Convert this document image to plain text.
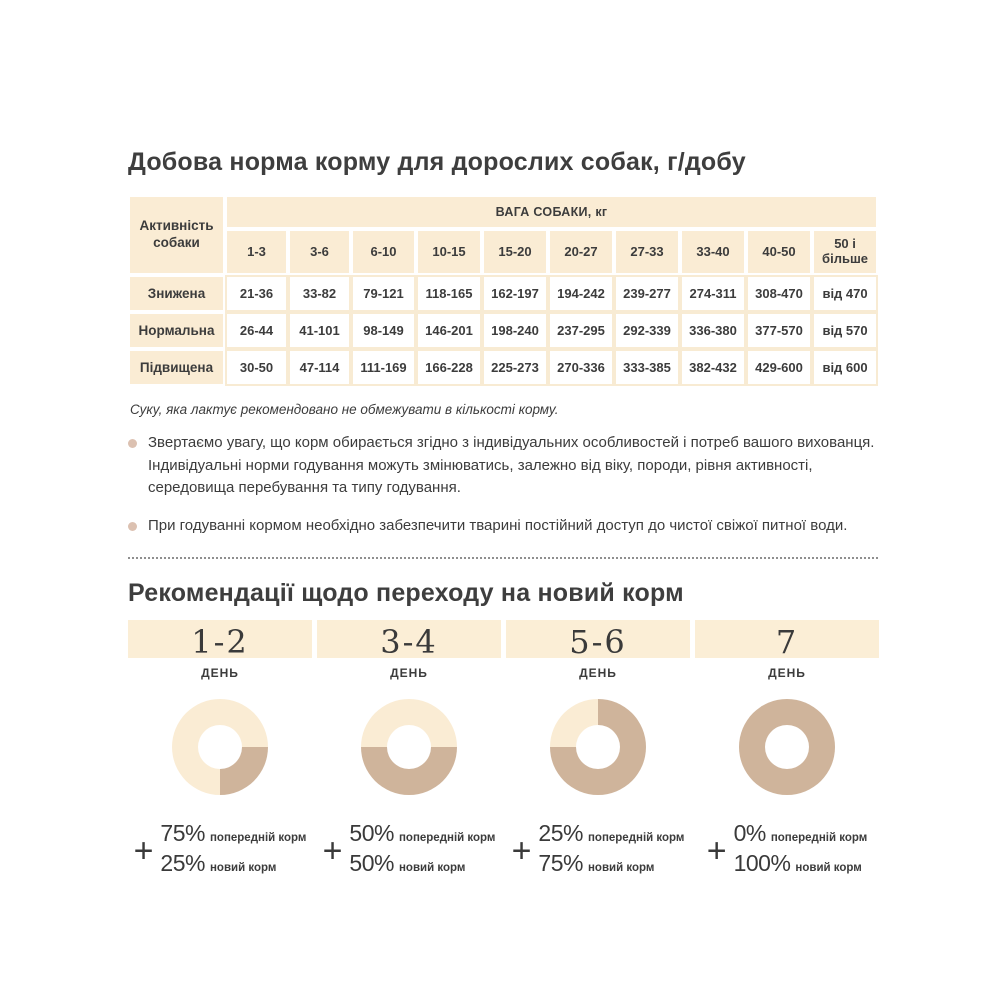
Добова норма корму для дорослих собак, г/добу
Активність собаки	ВАГА СОБАКИ, кг									
	1-3	3-6	6-10	10-15	15-20	20-27	27-33	33-40	40-50	50 і більше
Знижена	21-36	33-82	79-121	118-165	162-197	194-242	239-277	274-311	308-470	від 470
Нормальна	26-44	41-101	98-149	146-201	198-240	237-295	292-339	336-380	377-570	від 570
Підвищена	30-50	47-114	111-169	166-228	225-273	270-336	333-385	382-432	429-600	від 600

Суку, яка лактує рекомендовано не обмежувати в кількості корму.

Звертаємо увагу, що корм обирається згідно з індивідуальних особливостей і потреб вашого вихованця. Індивідуальні норми годування можуть змінюватись, залежно від віку, породи, рівня активності, середовища перебування та типу годування.
При годуванні кормом необхідно забезпечити тварині постійний доступ до чистої свіжої питної води.
Рекомендації щодо переходу на новий корм
1-2
ДЕНЬ
+ 75% попередній корм
25% новий корм
3-4
ДЕНЬ
+ 50% попередній корм
50% новий корм
5-6
ДЕНЬ
+ 25% попередній корм
75% новий корм
7
ДЕНЬ
+ 0% попередній корм
100% новий корм
